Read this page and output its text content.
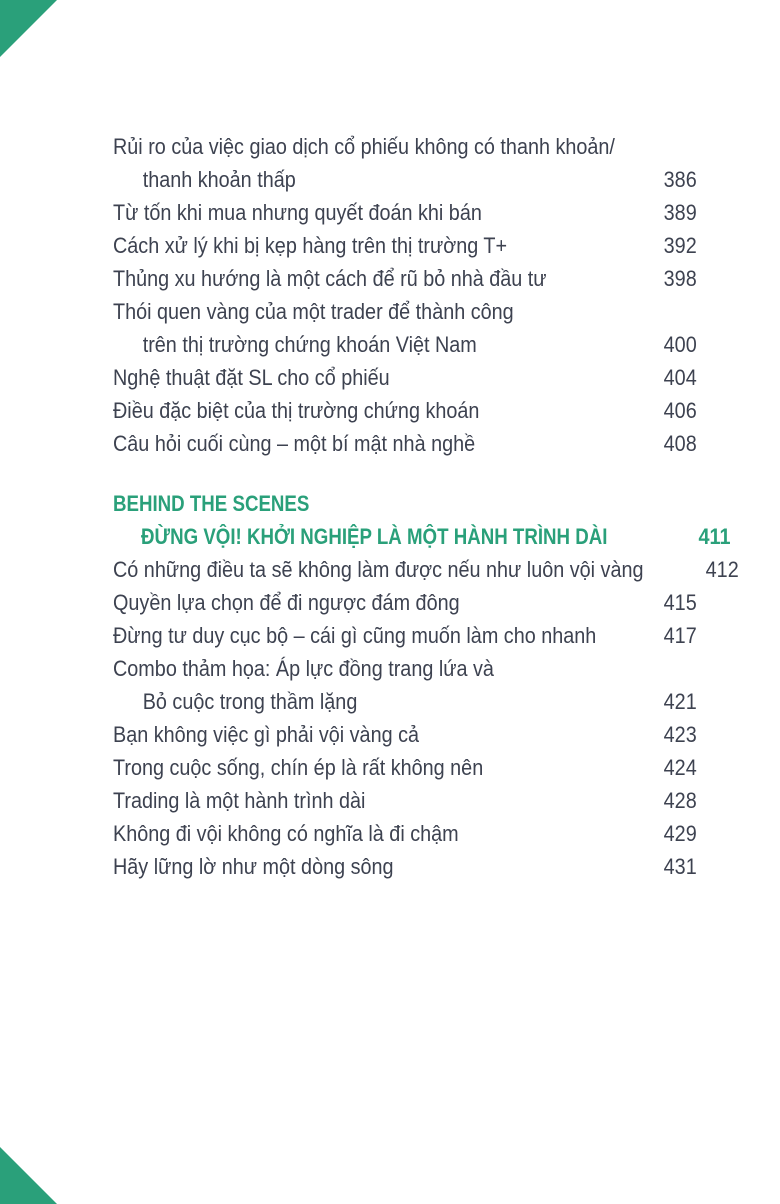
Rủi ro của việc giao dịch cổ phiếu không có thanh khoản/
thanh khoản thấp	386
Từ tốn khi mua nhưng quyết đoán khi bán	389
Cách xử lý khi bị kẹp hàng trên thị trường T+	392
Thủng xu hướng là một cách để rũ bỏ nhà đầu tư	398
Thói quen vàng của một trader để thành công
trên thị trường chứng khoán Việt Nam	400
Nghệ thuật đặt SL cho cổ phiếu	404
Điều đặc biệt của thị trường chứng khoán	406
Câu hỏi cuối cùng – một bí mật nhà nghề	408
BEHIND THE SCENES
ĐỪNG VỘI! KHỞI NGHIỆP LÀ MỘT HÀNH TRÌNH DÀI	411
Có những điều ta sẽ không làm được nếu như luôn vội vàng	412
Quyền lựa chọn để đi ngược đám đông	415
Đừng tư duy cục bộ – cái gì cũng muốn làm cho nhanh	417
Combo thảm họa: Áp lực đồng trang lứa và
Bỏ cuộc trong thầm lặng	421
Bạn không việc gì phải vội vàng cả	423
Trong cuộc sống, chín ép là rất không nên	424
Trading là một hành trình dài	428
Không đi vội không có nghĩa là đi chậm	429
Hãy lững lờ như một dòng sông	431
